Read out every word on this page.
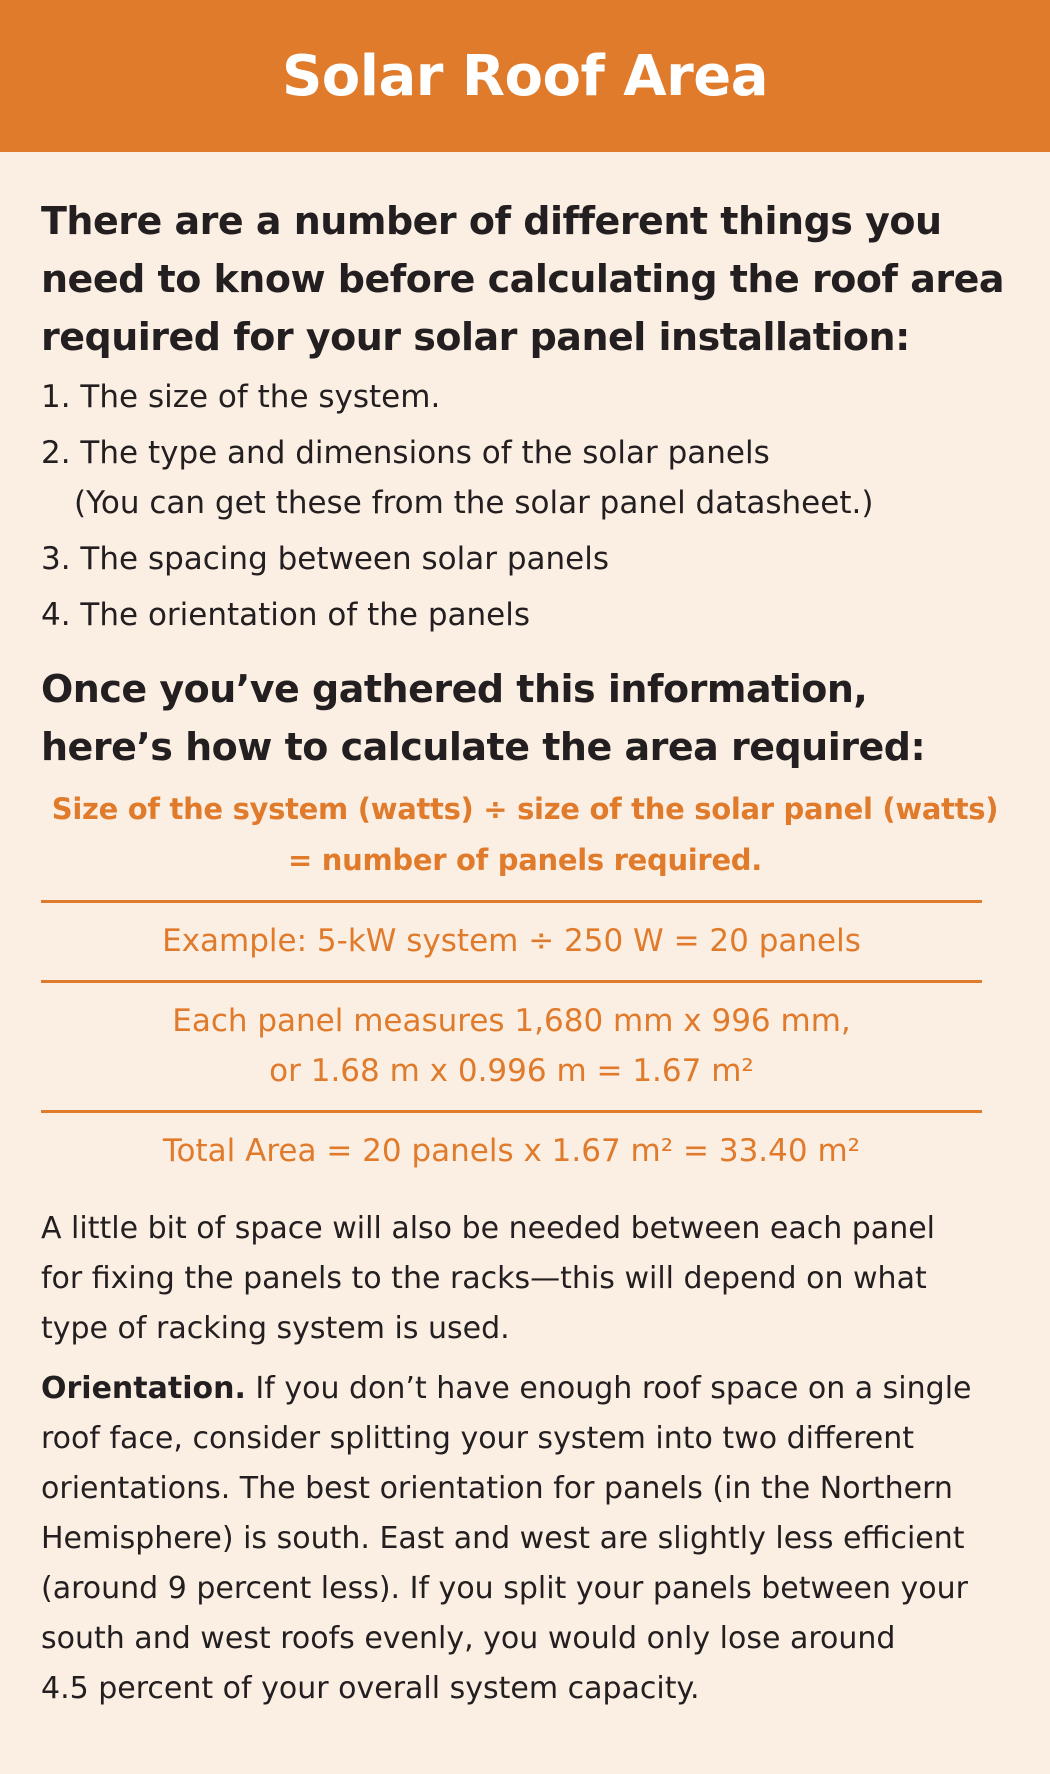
Solar Roof Area
There are a number of different things you
need to know before calculating the roof area
required for your solar panel installation:
1. The size of the system.
2. The type and dimensions of the solar panels
(You can get these from the solar panel datasheet.)
3. The spacing between solar panels
4. The orientation of the panels
Once you’ve gathered this information,
here’s how to calculate the area required:

Size of the system (watts) ÷ size of the solar panel (watts)
= number of panels required.

Example: 5-kW system ÷ 250 W = 20 panels
Each panel measures 1,680 mm x 996 mm,
or 1.68 m x 0.996 m = 1.67 m²
Total Area = 20 panels x 1.67 m² = 33.40 m²

A little bit of space will also be needed between each panel
for fixing the panels to the racks—this will depend on what
type of racking system is used.

Orientation. If you don’t have enough roof space on a single
roof face, consider splitting your system into two different
orientations. The best orientation for panels (in the Northern
Hemisphere) is south. East and west are slightly less efficient
(around 9 percent less). If you split your panels between your
south and west roofs evenly, you would only lose around
4.5 percent of your overall system capacity.
